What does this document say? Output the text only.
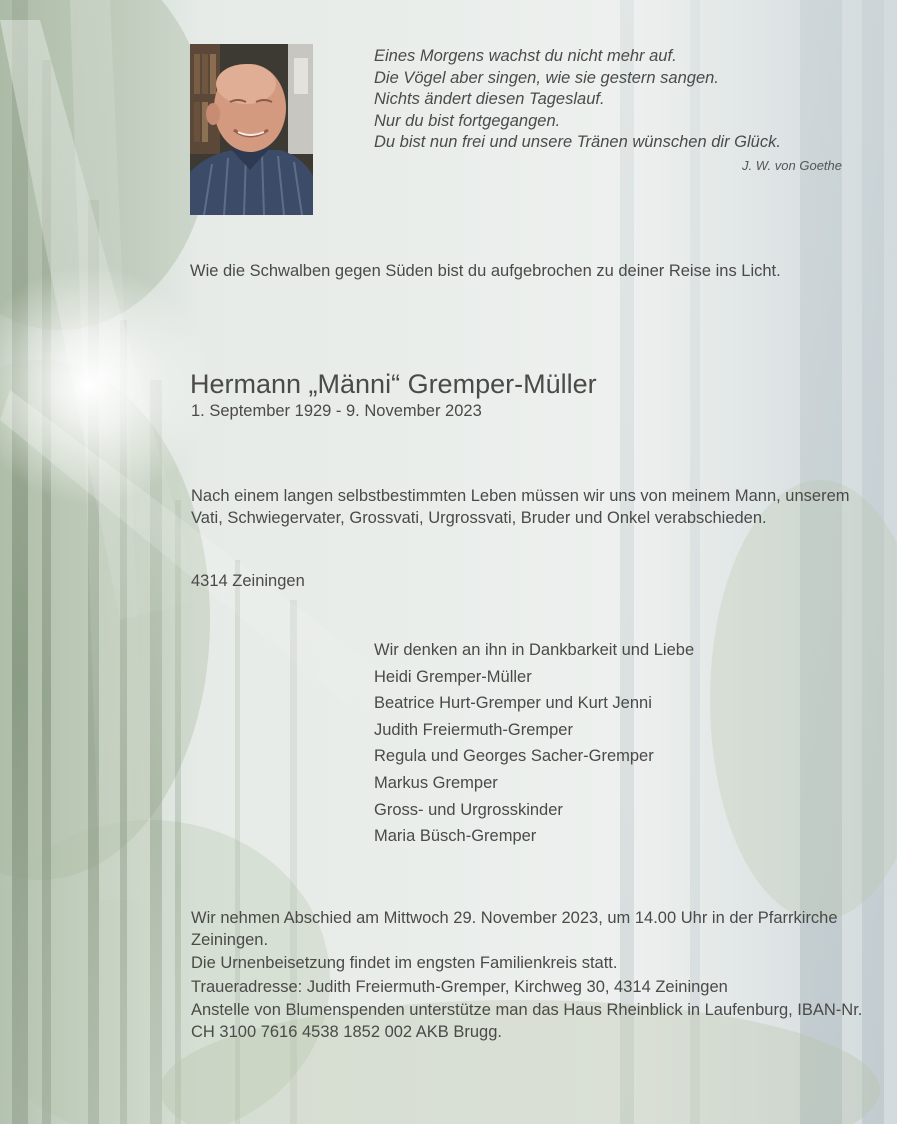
Eines Morgens wachst du nicht mehr auf.
Die Vögel aber singen, wie sie gestern sangen.
Nichts ändert diesen Tageslauf.
Nur du bist fortgegangen.
Du bist nun frei und unsere Tränen wünschen dir Glück.
J. W. von Goethe
Wie die Schwalben gegen Süden bist du aufgebrochen zu deiner Reise ins Licht.
Hermann „Männi“ Gremper-Müller
1. September 1929 - 9. November 2023
Nach einem langen selbstbestimmten Leben müssen wir uns von meinem Mann, unserem Vati, Schwiegervater, Grossvati, Urgrossvati, Bruder und Onkel verabschieden.
4314 Zeiningen
Wir denken an ihn in Dankbarkeit und Liebe
Heidi Gremper-Müller
Beatrice Hurt-Gremper und Kurt Jenni
Judith Freiermuth-Gremper
Regula und Georges Sacher-Gremper
Markus Gremper
Gross- und Urgrosskinder
Maria Büsch-Gremper

Wir nehmen Abschied am Mittwoch 29. November 2023, um 14.00 Uhr in der Pfarrkirche Zeiningen.

Die Urnenbeisetzung findet im engsten Familienkreis statt.

Traueradresse: Judith Freiermuth-Gremper, Kirchweg 30, 4314 Zeiningen

Anstelle von Blumenspenden unterstütze man das Haus Rheinblick in Laufenburg, IBAN-Nr. CH 3100 7616 4538 1852 002 AKB Brugg.
